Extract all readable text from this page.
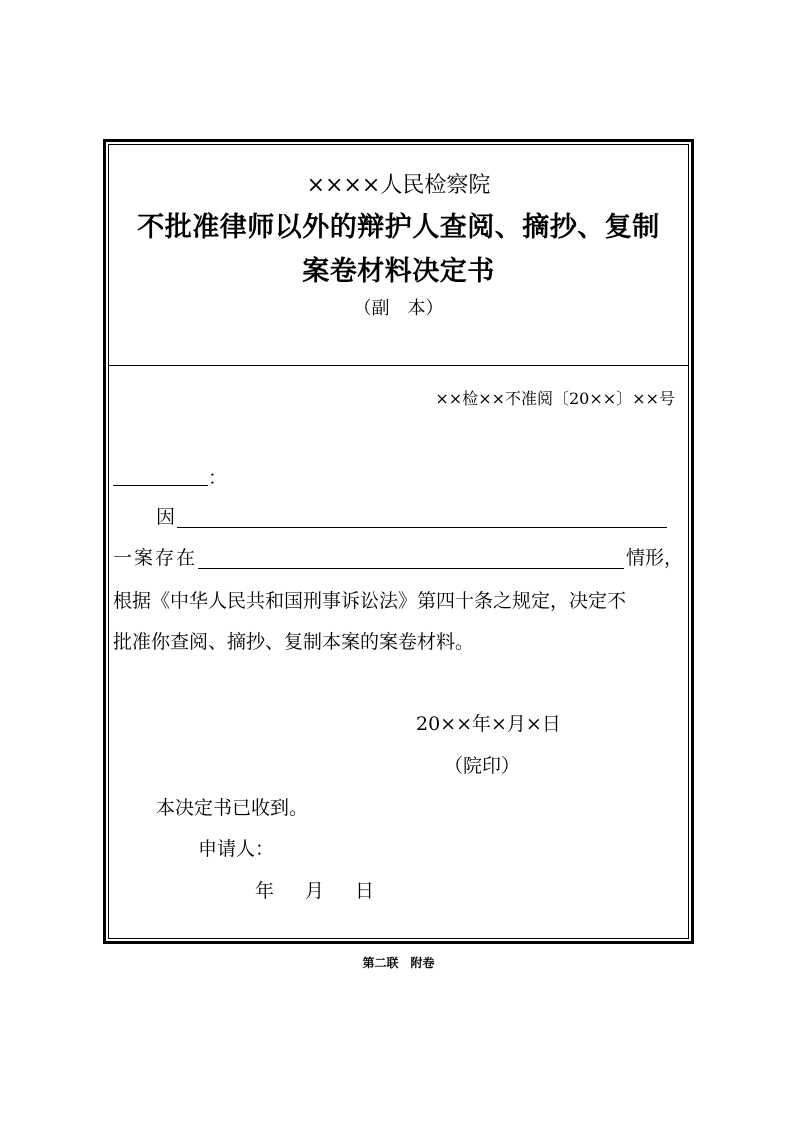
××××人民检察院
不批准律师以外的辩护人查阅、摘抄、复制
案卷材料决定书
（副　本）
××检××不准阅〔20××〕××号
：
因
一案存在	情形，
根据《中华人民共和国刑事诉讼法》第四十条之规定，决定不
批准你查阅、摘抄、复制本案的案卷材料。
20××年×月×日
（院印）
本决定书已收到。
申请人：
年　月　日
第二联　附卷
